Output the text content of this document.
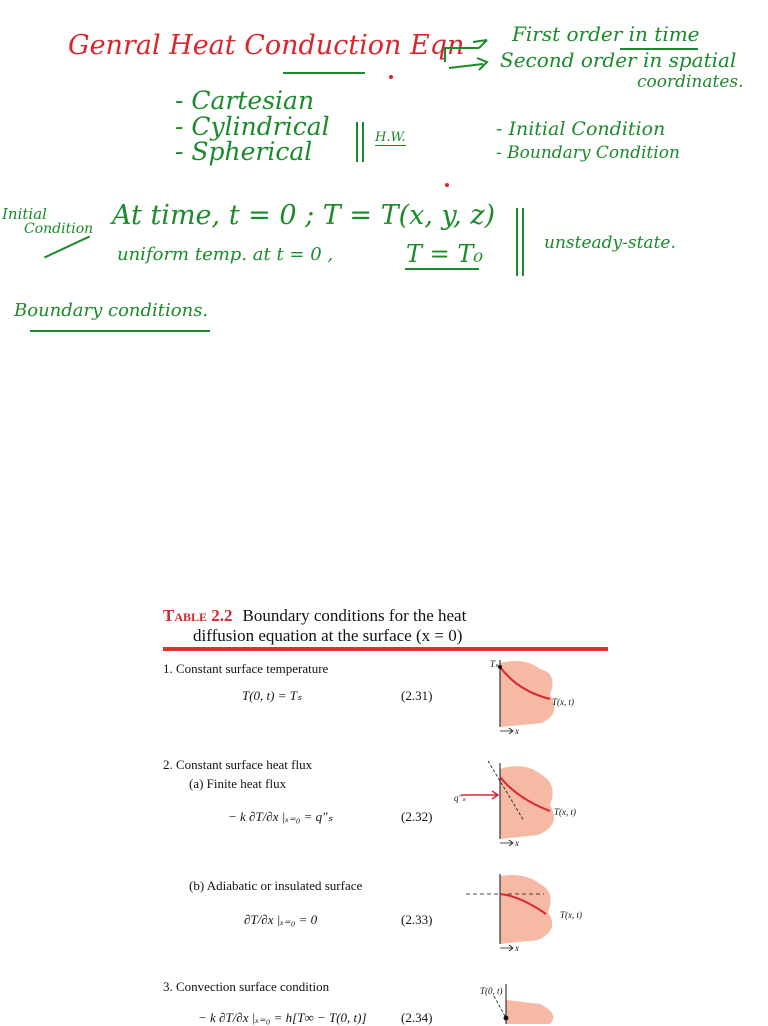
Genral Heat Conduction Eqn First order in time
Second order in spatial
coordinates.
- Cartesian
- Cylindrical
- Spherical	H.W.	- Initial Condition
- Boundary Condition
Initial
Condition At time, t = 0 ; T = T(x, y, z)
uniform temp. at t = 0 ,	T = T₀	unsteady-state.
Boundary conditions.
Table 2.2 Boundary conditions for the heat
diffusion equation at the surface (x = 0)
1. Constant surface temperature
T(0, t) = Tₛ	(2.31)
2. Constant surface heat flux
(a) Finite heat flux
− k ∂T/∂x |ₓ₌₀ = q″ₛ	(2.32)
(b) Adiabatic or insulated surface
∂T/∂x |ₓ₌₀ = 0	(2.33)
3. Convection surface condition
− k ∂T/∂x |ₓ₌₀ = h[T∞ − T(0, t)]	(2.34)
Tₛ
T(x, t)
x
q″ₛ
T(x, t)
x
T(x, t)
x
T(0, t)
